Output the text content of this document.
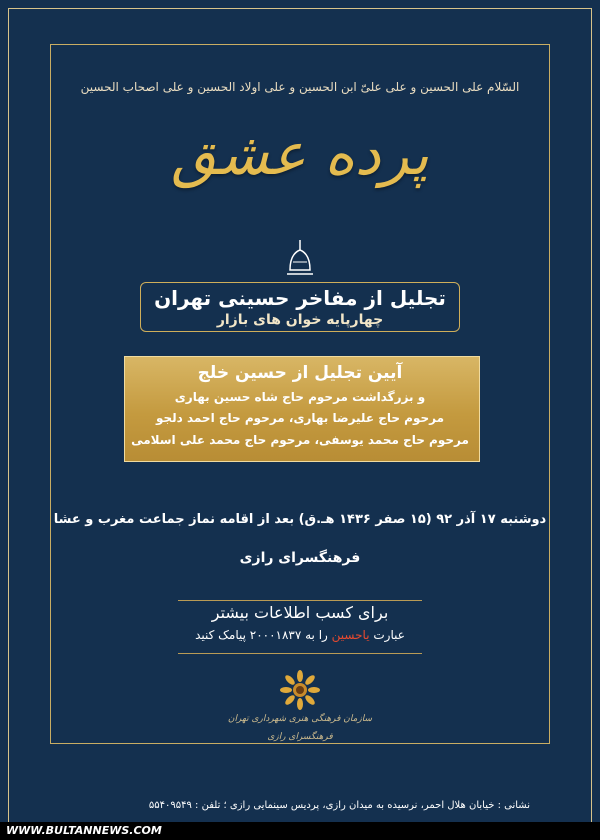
السّلام علی الحسین و علی علیّ ابن الحسین و علی اولاد الحسین و علی اصحاب الحسین
پرده عشق
تجلیل از مفاخر حسینی تهران
چهارپایه خوان های بازار
آیین تجلیل از حسین خلج
و بزرگداشت مرحوم حاج شاه حسین بهاری
مرحوم حاج علیرضا بهاری، مرحوم حاج احمد دلجو
مرحوم حاج محمد یوسفی، مرحوم حاج محمد علی اسلامی
دوشنبه ۱۷ آذر ۹۲ (۱۵ صفر ۱۴۳۶ هـ.ق) بعد از اقامه نماز جماعت مغرب و عشا
فرهنگسرای رازی
برای کسب اطلاعات بیشتر
عبارت یاحسین را به ۲۰۰۰۱۸۳۷ پیامک کنید
سازمان فرهنگی هنری شهرداری تهران
فرهنگسرای رازی
نشانی : خیابان هلال احمر، نرسیده به میدان رازی، پردیس سینمایی رازی ؛ تلفن : ۵۵۴۰۹۵۴۹
WWW.BULTANNEWS.COM
